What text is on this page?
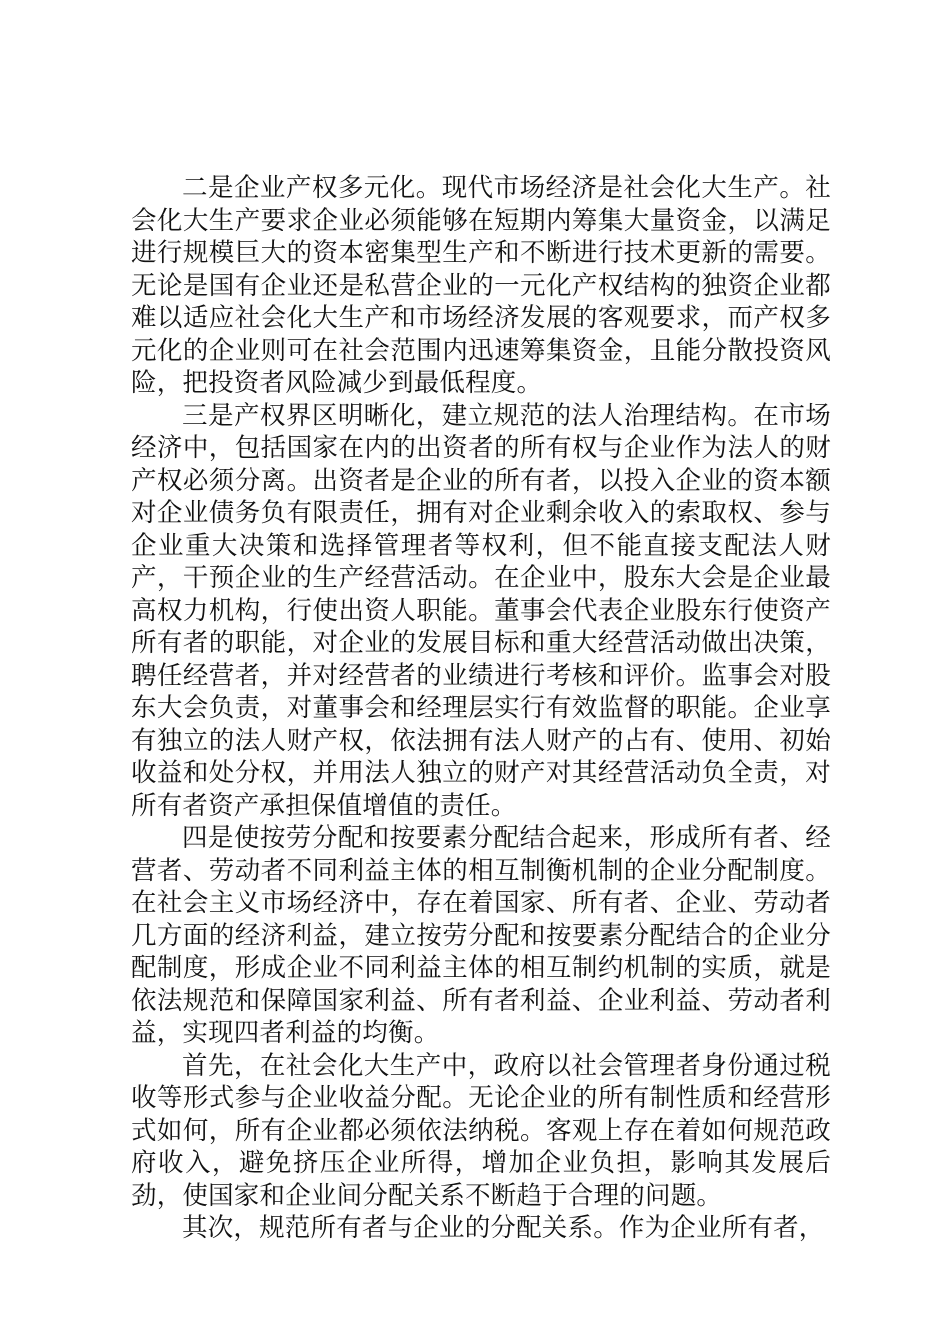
二是企业产权多元化。现代市场经济是社会化大生产。社会化大生产要求企业必须能够在短期内筹集大量资金，以满足进行规模巨大的资本密集型生产和不断进行技术更新的需要。无论是国有企业还是私营企业的一元化产权结构的独资企业都难以适应社会化大生产和市场经济发展的客观要求，而产权多元化的企业则可在社会范围内迅速筹集资金，且能分散投资风险，把投资者风险减少到最低程度。

三是产权界区明晰化，建立规范的法人治理结构。在市场经济中，包括国家在内的出资者的所有权与企业作为法人的财产权必须分离。出资者是企业的所有者，以投入企业的资本额对企业债务负有限责任，拥有对企业剩余收入的索取权、参与企业重大决策和选择管理者等权利，但不能直接支配法人财产，干预企业的生产经营活动。在企业中，股东大会是企业最高权力机构，行使出资人职能。董事会代表企业股东行使资产所有者的职能，对企业的发展目标和重大经营活动做出决策，聘任经营者，并对经营者的业绩进行考核和评价。监事会对股东大会负责，对董事会和经理层实行有效监督的职能。企业享有独立的法人财产权，依法拥有法人财产的占有、使用、初始收益和处分权，并用法人独立的财产对其经营活动负全责，对所有者资产承担保值增值的责任。

四是使按劳分配和按要素分配结合起来，形成所有者、经营者、劳动者不同利益主体的相互制衡机制的企业分配制度。在社会主义市场经济中，存在着国家、所有者、企业、劳动者几方面的经济利益，建立按劳分配和按要素分配结合的企业分配制度，形成企业不同利益主体的相互制约机制的实质，就是依法规范和保障国家利益、所有者利益、企业利益、劳动者利益，实现四者利益的均衡。

首先，在社会化大生产中，政府以社会管理者身份通过税收等形式参与企业收益分配。无论企业的所有制性质和经营形式如何，所有企业都必须依法纳税。客观上存在着如何规范政府收入，避免挤压企业所得，增加企业负担，影响其发展后劲，使国家和企业间分配关系不断趋于合理的问题。

其次，规范所有者与企业的分配关系。作为企业所有者，
